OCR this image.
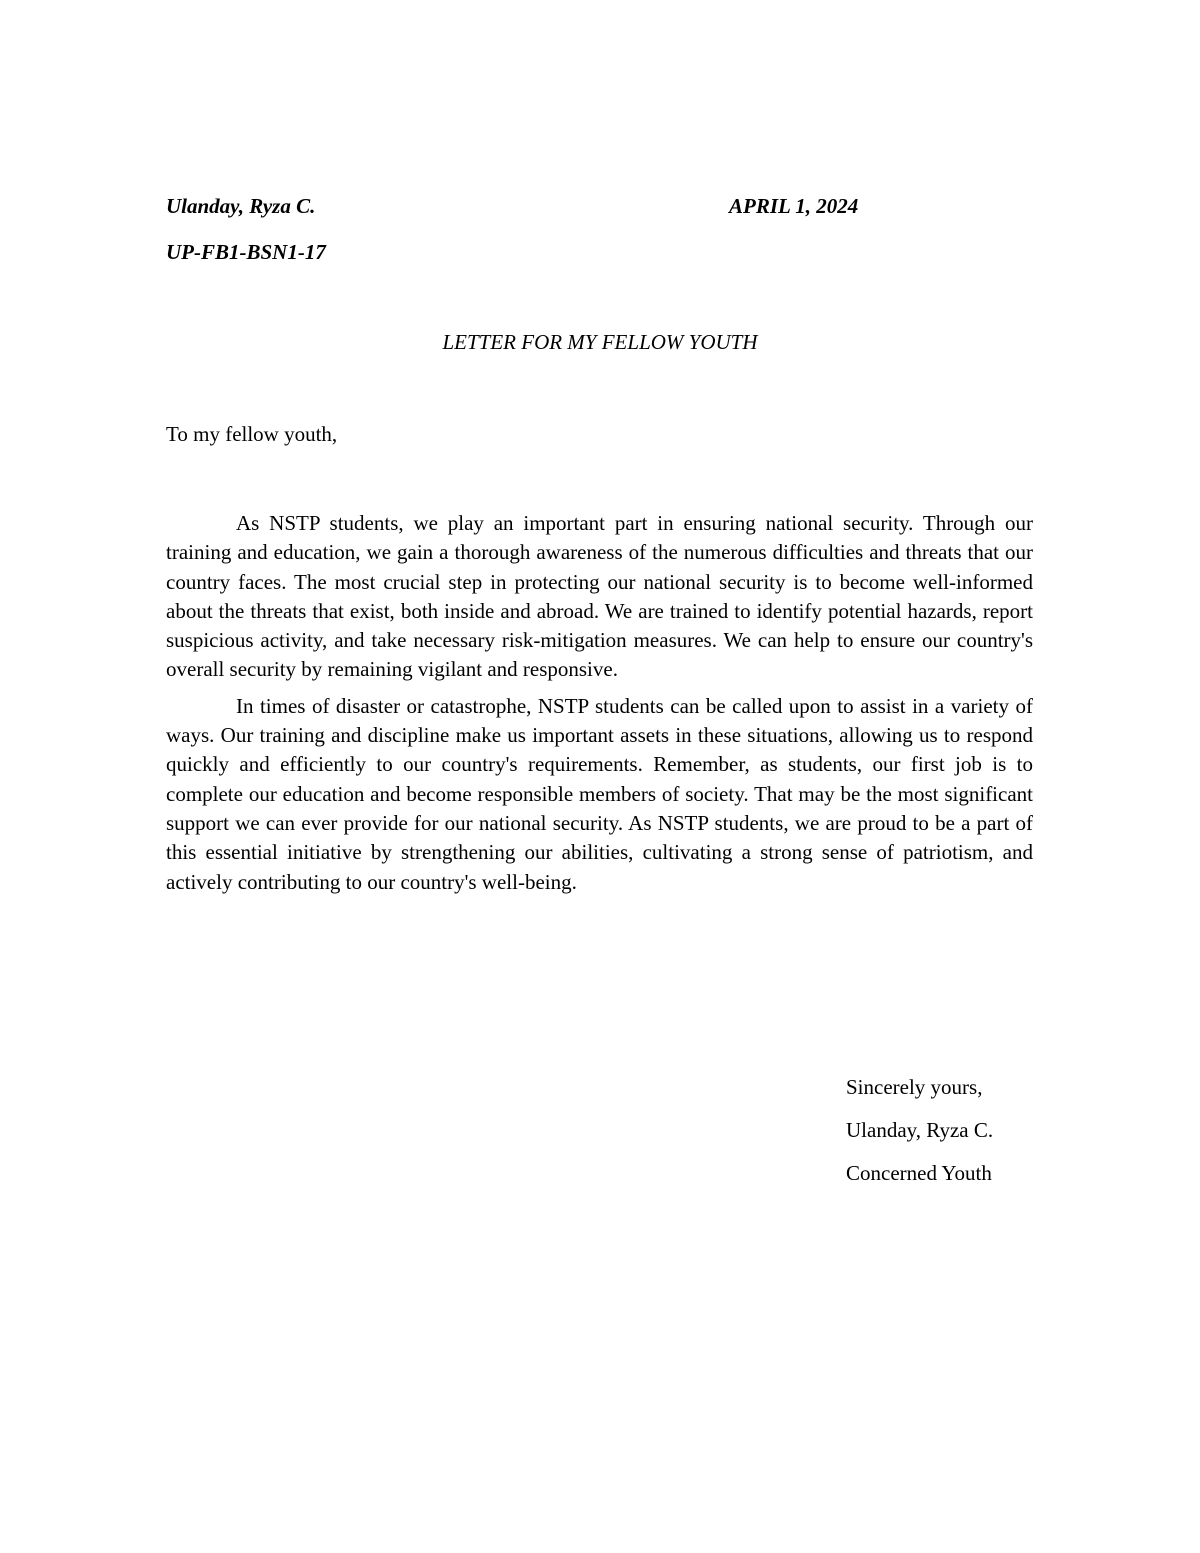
Ulanday, Ryza C.	APRIL 1, 2024
UP-FB1-BSN1-17
LETTER FOR MY FELLOW YOUTH
To my fellow youth,

As NSTP students, we play an important part in ensuring national security. Through our training and education, we gain a thorough awareness of the numerous difficulties and threats that our country faces. The most crucial step in protecting our national security is to become well-informed about the threats that exist, both inside and abroad. We are trained to identify potential hazards, report suspicious activity, and take necessary risk-mitigation measures. We can help to ensure our country's overall security by remaining vigilant and responsive.

In times of disaster or catastrophe, NSTP students can be called upon to assist in a variety of ways. Our training and discipline make us important assets in these situations, allowing us to respond quickly and efficiently to our country's requirements. Remember, as students, our first job is to complete our education and become responsible members of society. That may be the most significant support we can ever provide for our national security. As NSTP students, we are proud to be a part of this essential initiative by strengthening our abilities, cultivating a strong sense of patriotism, and actively contributing to our country's well-being.

Sincerely yours,
Ulanday, Ryza C.
Concerned Youth
